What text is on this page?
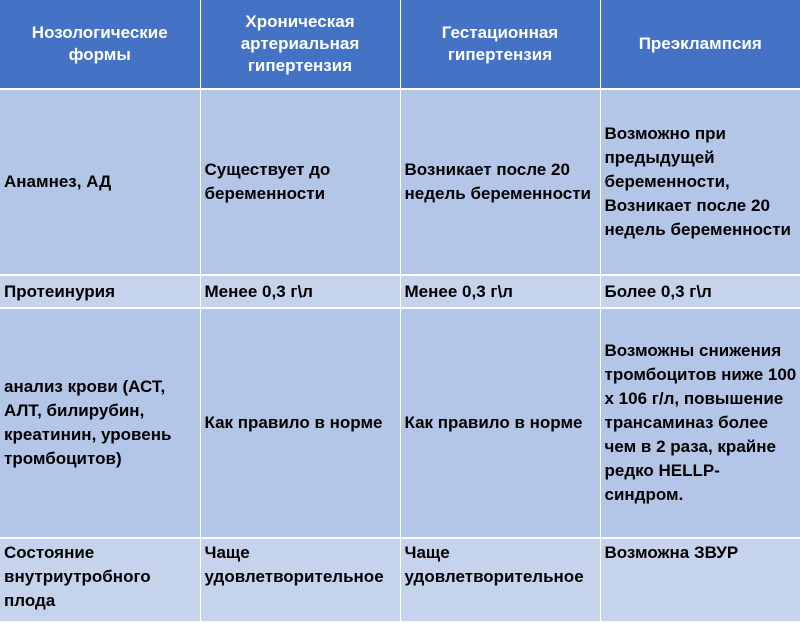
Нозологические формы	Хроническая артериальная гипертензия	Гестационная гипертензия	Преэклампсия
Анамнез, АД	Существует до беременности	Возникает после 20 недель беременности	Возможно при предыдущей беременности, Возникает после 20 недель беременности
Протеинурия	Менее 0,3 г\л	Менее 0,3 г\л	Более 0,3 г\л
анализ крови (АСТ, АЛТ, билирубин, креатинин, уровень тромбоцитов)	Как правило в норме	Как правило в норме	Возможны снижения тромбоцитов ниже 100 х 106 г/л, повышение трансаминаз более чем в 2 раза, крайне редко HELLP-синдром.
Состояние внутриутробного плода	Чаще удовлетворительное	Чаще удовлетворительное	Возможна ЗВУР
